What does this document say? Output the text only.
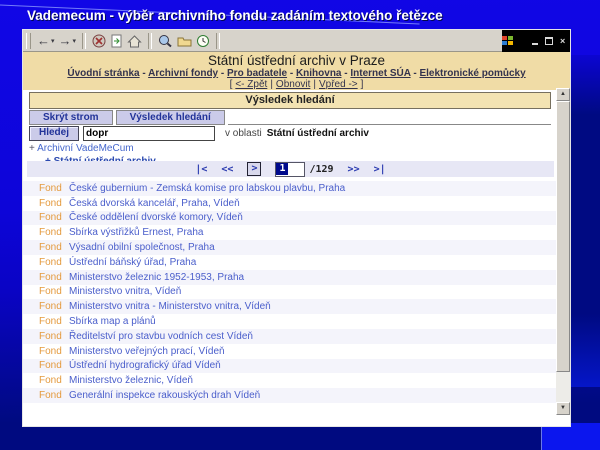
Vademecum - výběr archivního fondu zadáním textového řetězce
← ▾ → ▾	×
Státní ústřední archiv v Praze
Úvodní stránka - Archivní fondy - Pro badatele - Knihovna - Internet SÚA - Elektronické pomůcky
[ <- Zpět | Obnovit | Vpřed -> ]
Výsledek hledání
Skrýt strom	Výsledek hledání
Hledej
dopr	v oblasti Státní ústřední archiv
+ Archivní VadeMeCum
|< <<	>	1	/129 >> >|
Fond České gubernium - Zemská komise pro labskou plavbu, Praha
Fond Česká dvorská kancelář, Praha, Vídeň
Fond České oddělení dvorské komory, Vídeň
Fond Sbírka výstřižků Ernest, Praha
Fond Výsadní obilní společnost, Praha
Fond Ústřední báňský úřad, Praha
Fond Ministerstvo železnic 1952-1953, Praha
Fond Ministerstvo vnitra, Vídeň
Fond Ministerstvo vnitra - Ministerstvo vnitra, Vídeň
Fond Sbírka map a plánů
Fond Ředitelství pro stavbu vodních cest Vídeň
Fond Ministerstvo veřejných prací, Vídeň
Fond Ústřední hydrografický úřad Vídeň
Fond Ministerstvo železnic, Vídeň
Fond Generální inspekce rakouských drah Vídeň
▲
▼
